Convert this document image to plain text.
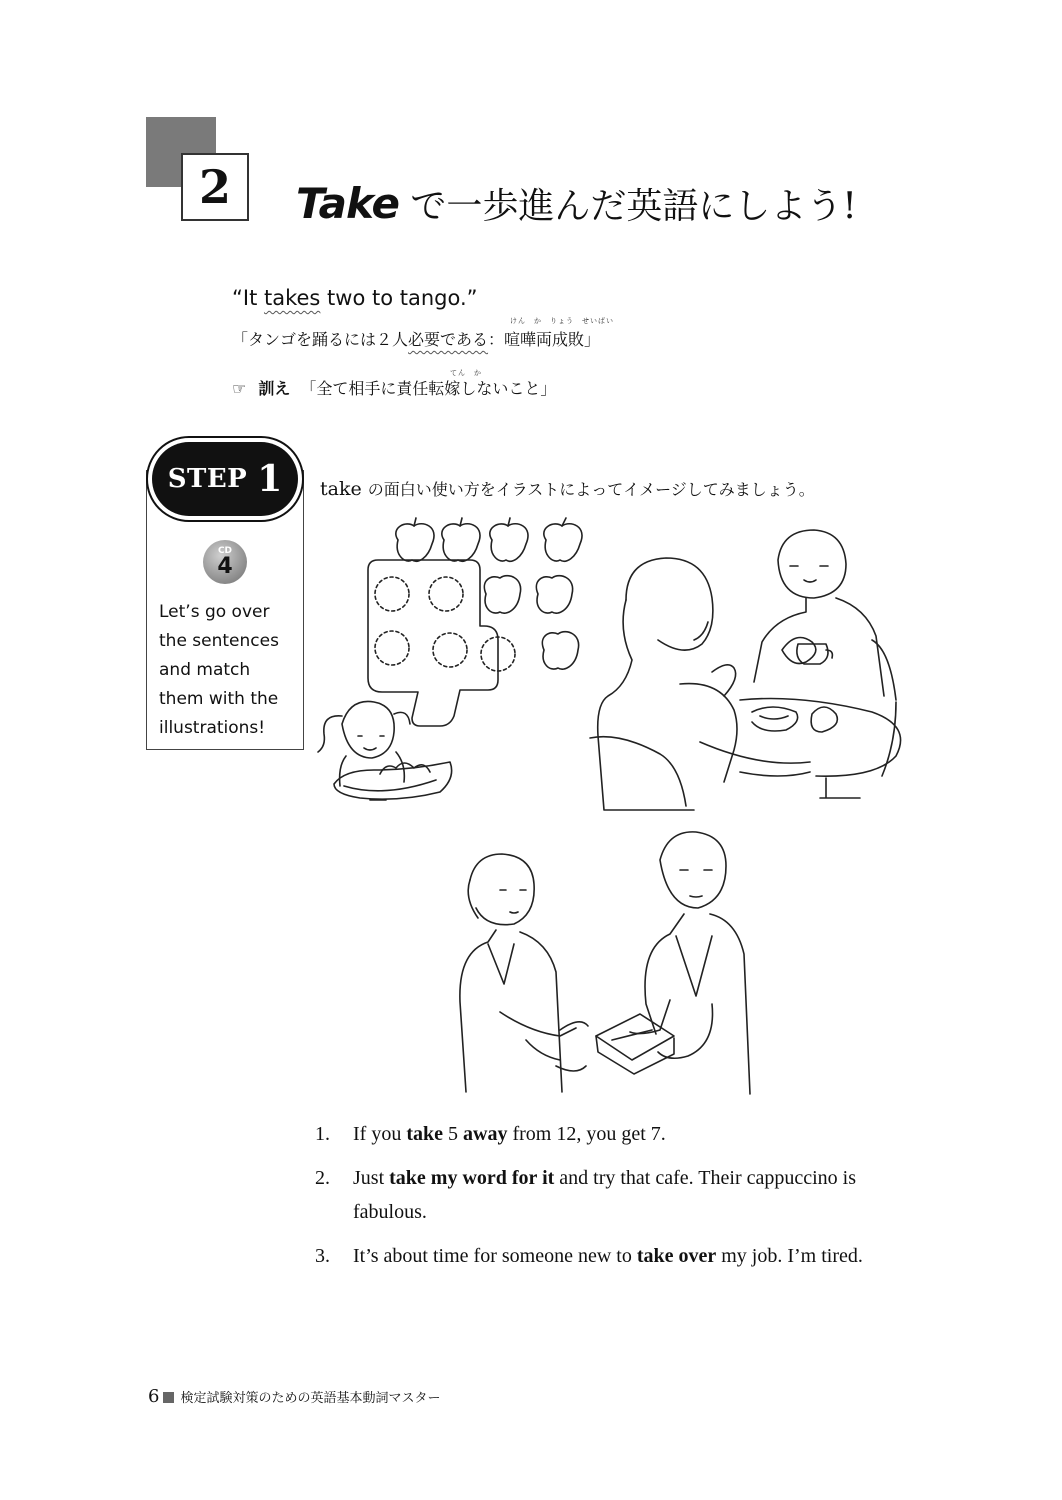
2	Take で一歩進んだ英語にしよう!
“It takes two to tango.”
けん　か　りょう　せいばい
「タンゴを踊るには２人必要である：喧嘩両成敗」
てん　か
☞ 訓え 「全て相手に責任転嫁しないこと」
STEP 1
CD
4
Let’s go over the sentences and match them with the illustrations!
take の面白い使い方をイラストによってイメージしてみましょう。
1.	If you take 5 away from 12, you get 7.
2.	Just take my word for it and try that cafe. Their cappuccino is fabulous.
3.	It’s about time for someone new to take over my job. I’m tired.
6 検定試験対策のための英語基本動詞マスター
